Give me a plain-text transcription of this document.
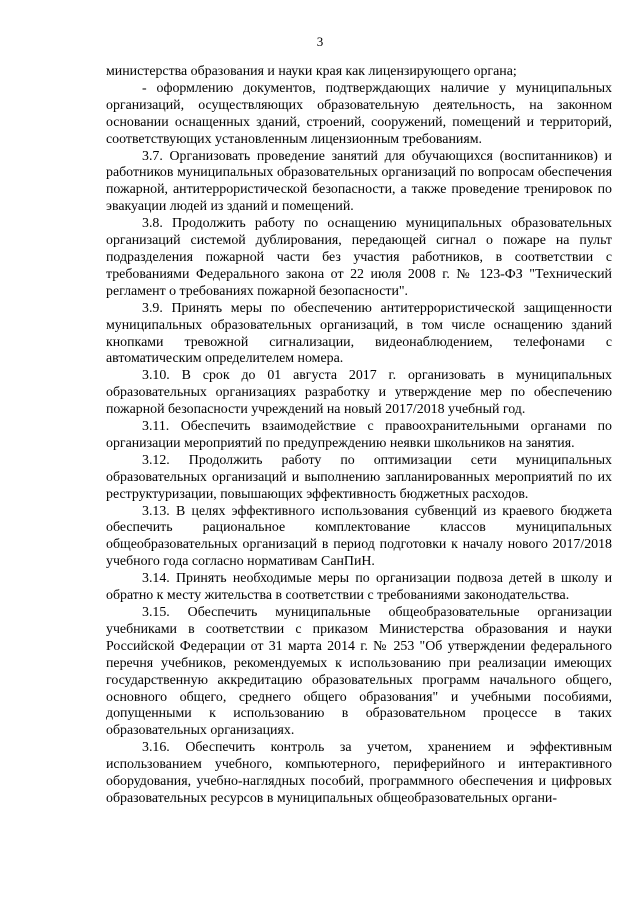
3

министерства образования и науки края как лицензирующего органа;

- оформлению документов, подтверждающих наличие у муниципальных организаций, осуществляющих образовательную деятельность, на законном основании оснащенных зданий, строений, сооружений, помещений и территорий, соответствующих установленным лицензионным требованиям.

3.7. Организовать проведение занятий для обучающихся (воспитанников) и работников муниципальных образовательных организаций по вопросам обеспечения пожарной, антитеррористической безопасности, а также проведение тренировок по эвакуации людей из зданий и помещений.

3.8. Продолжить работу по оснащению муниципальных образовательных организаций системой дублирования, передающей сигнал о пожаре на пульт подразделения пожарной части без участия работников, в соответствии с требованиями Федерального закона от 22 июля 2008 г. № 123-ФЗ "Технический регламент о требованиях пожарной безопасности".

3.9. Принять меры по обеспечению антитеррористической защищенности муниципальных образовательных организаций, в том числе оснащению зданий кнопками тревожной сигнализации, видеонаблюдением, телефонами с автоматическим определителем номера.

3.10. В срок до 01 августа 2017 г. организовать в муниципальных образовательных организациях разработку и утверждение мер по обеспечению пожарной безопасности учреждений на новый 2017/2018 учебный год.

3.11. Обеспечить взаимодействие с правоохранительными органами по организации мероприятий по предупреждению неявки школьников на занятия.

3.12. Продолжить работу по оптимизации сети муниципальных образовательных организаций и выполнению запланированных мероприятий по их реструктуризации, повышающих эффективность бюджетных расходов.

3.13. В целях эффективного использования субвенций из краевого бюджета обеспечить рациональное комплектование классов муниципальных общеобразовательных организаций в период подготовки к началу нового 2017/2018 учебного года согласно нормативам СанПиН.

3.14. Принять необходимые меры по организации подвоза детей в школу и обратно к месту жительства в соответствии с требованиями законодательства.

3.15. Обеспечить муниципальные общеобразовательные организации учебниками в соответствии с приказом Министерства образования и науки Российской Федерации от 31 марта 2014 г. № 253 "Об утверждении федерального перечня учебников, рекомендуемых к использованию при реализации имеющих государственную аккредитацию образовательных программ начального общего, основного общего, среднего общего образования" и учебными пособиями, допущенными к использованию в образовательном процессе в таких образовательных организациях.

3.16. Обеспечить контроль за учетом, хранением и эффективным использованием учебного, компьютерного, периферийного и интерактивного оборудования, учебно-наглядных пособий, программного обеспечения и цифровых образовательных ресурсов в муниципальных общеобразовательных органи-
